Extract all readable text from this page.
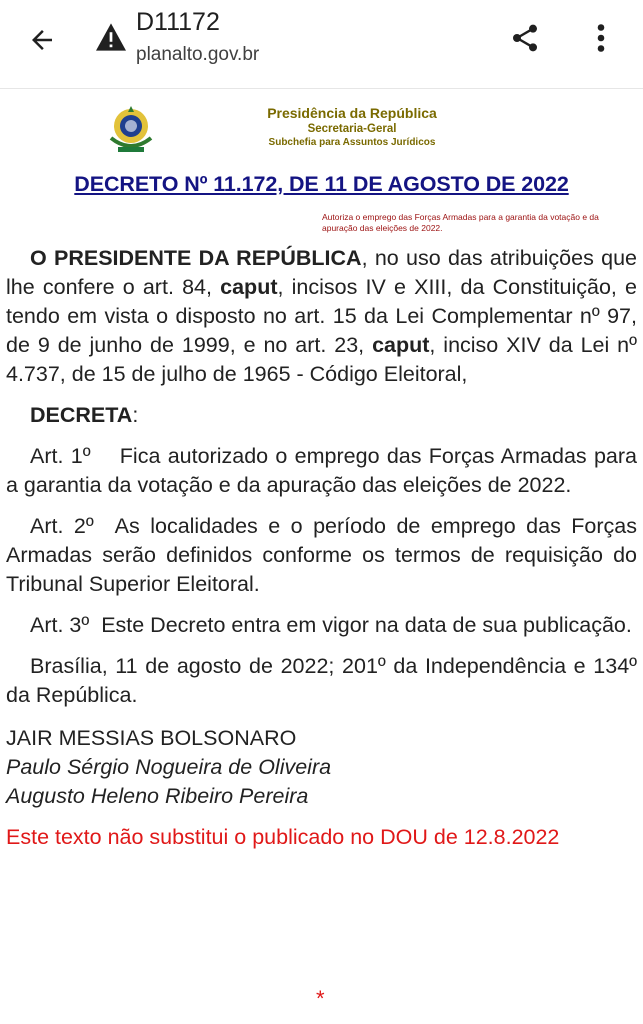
D11172
planalto.gov.br
Presidência da República
Secretaria-Geral
Subchefia para Assuntos Jurídicos
DECRETO Nº 11.172, DE 11 DE AGOSTO DE 2022
Autoriza o emprego das Forças Armadas para a garantia da votação e da apuração das eleições de 2022.

O PRESIDENTE DA REPÚBLICA, no uso das atribuições que lhe confere o art. 84, caput, incisos IV e XIII, da Constituição, e tendo em vista o disposto no art. 15 da Lei Complementar nº 97, de 9 de junho de 1999, e no art. 23, caput, inciso XIV da Lei nº 4.737, de 15 de julho de 1965 - Código Eleitoral,

DECRETA:

Art. 1º Fica autorizado o emprego das Forças Armadas para a garantia da votação e da apuração das eleições de 2022.

Art. 2º As localidades e o período de emprego das Forças Armadas serão definidos conforme os termos de requisição do Tribunal Superior Eleitoral.

Art. 3º Este Decreto entra em vigor na data de sua publicação.

Brasília, 11 de agosto de 2022; 201º da Independência e 134º da República.

JAIR MESSIAS BOLSONARO
Paulo Sérgio Nogueira de Oliveira
Augusto Heleno Ribeiro Pereira

Este texto não substitui o publicado no DOU de 12.8.2022

*
